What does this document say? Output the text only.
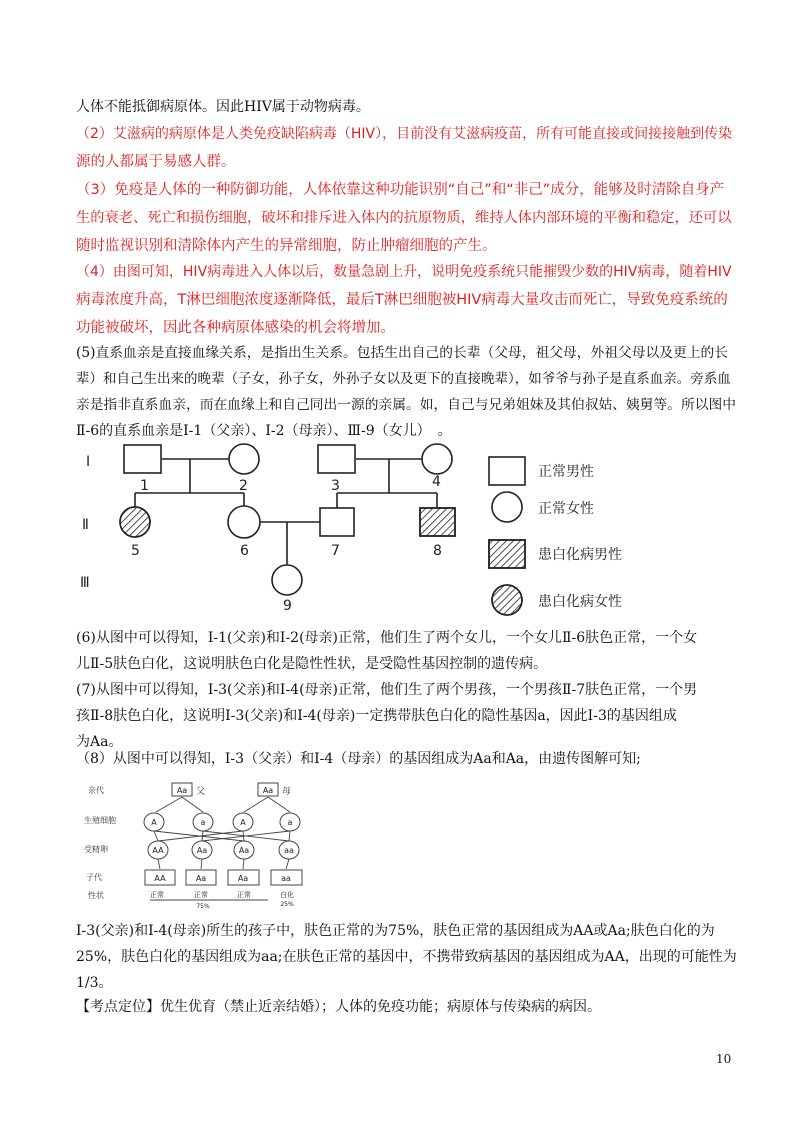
人体不能抵御病原体。因此HIV属于动物病毒。
（2）艾滋病的病原体是人类免疫缺陷病毒（HIV），目前没有艾滋病疫苗，所有可能直接或间接接触到传染
源的人都属于易感人群。
（3）免疫是人体的一种防御功能，人体依靠这种功能识别“自己”和“非己”成分，能够及时清除自身产
生的衰老、死亡和损伤细胞，破坏和排斥进入体内的抗原物质，维持人体内部环境的平衡和稳定，还可以
随时监视识别和清除体内产生的异常细胞，防止肿瘤细胞的产生。
（4）由图可知，HIV病毒进入人体以后，数量急剧上升，说明免疫系统只能摧毁少数的HIV病毒，随着HIV
病毒浓度升高，T淋巴细胞浓度逐渐降低，最后T淋巴细胞被HIV病毒大量攻击而死亡，导致免疫系统的
功能被破坏，因此各种病原体感染的机会将增加。
(5)直系血亲是直接血缘关系，是指出生关系。包括生出自己的长辈（父母，祖父母，外祖父母以及更上的长
辈）和自己生出来的晚辈（子女，孙子女，外孙子女以及更下的直接晚辈），如爷爷与孙子是直系血亲。旁系血
亲是指非直系血亲，而在血缘上和自己同出一源的亲属。如，自己与兄弟姐妹及其伯叔姑、姨舅等。所以图中
Ⅱ-6的直系血亲是Ⅰ-1（父亲）、Ⅰ-2（母亲）、Ⅲ-9（女儿）　。
Ⅰ
Ⅱ
Ⅲ
1	2	3	4
5	6	7	8
9
正常男性
正常女性
患白化病男性
患白化病女性
亲代
生殖细胞
受精卵
子代
性状
Aa	Aa
A	a	A	a
AA	Aa	Aa	aa
AA	Aa	Aa	aa
正常	正常	正常	白化
75%	25%
父	母
(6)从图中可以得知，Ⅰ-1(父亲)和Ⅰ-2(母亲)正常，他们生了两个女儿，一个女儿Ⅱ-6肤色正常，一个女
儿Ⅱ-5肤色白化，这说明肤色白化是隐性性状，是受隐性基因控制的遗传病。
(7)从图中可以得知，Ⅰ-3(父亲)和Ⅰ-4(母亲)正常，他们生了两个男孩，一个男孩Ⅱ-7肤色正常，一个男
孩Ⅱ-8肤色白化，这说明Ⅰ-3(父亲)和Ⅰ-4(母亲)一定携带肤色白化的隐性基因a，因此Ⅰ-3的基因组成
为Aa。
（8）从图中可以得知，Ⅰ-3（父亲）和Ⅰ-4（母亲）的基因组成为Aa和Aa，由遗传图解可知;
Ⅰ-3(父亲)和Ⅰ-4(母亲)所生的孩子中，肤色正常的为75%，肤色正常的基因组成为AA或Aa;肤色白化的为
25%，肤色白化的基因组成为aa;在肤色正常的基因中，不携带致病基因的基因组成为AA，出现的可能性为
1/3。
【考点定位】优生优育（禁止近亲结婚）；人体的免疫功能；病原体与传染病的病因。
10
